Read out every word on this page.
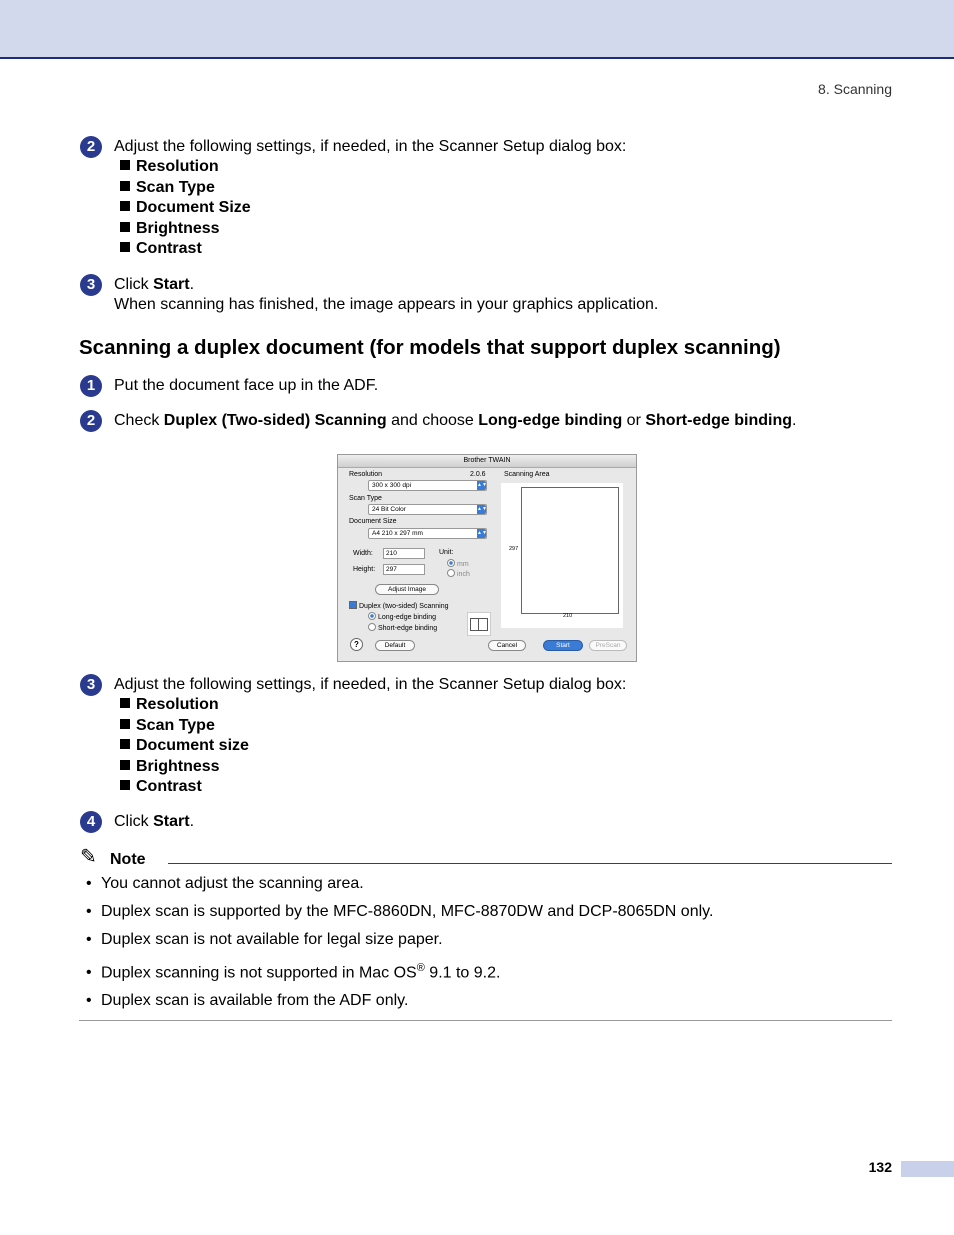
8. Scanning
2	Adjust the following settings, if needed, in the Scanner Setup dialog box:
Resolution
Scan Type
Document Size
Brightness
Contrast
3	Click Start.
When scanning has finished, the image appears in your graphics application.
Scanning a duplex document (for models that support duplex scanning)
1	Put the document face up in the ADF.
2	Check Duplex (Two-sided) Scanning and choose Long-edge binding or Short-edge binding.
Brother TWAIN
Resolution	2.0.6
300 x 300 dpi	▲▼
Scan Type
24 Bit Color	▲▼
Document Size
A4 210 x 297 mm	▲▼
Width:	210
Height:	297
Unit:
mm
inch
Adjust Image
Duplex (two-sided) Scanning
Long-edge binding
Short-edge binding
Scanning Area
297
210
?	Default	Cancel	Start	PreScan
3	Adjust the following settings, if needed, in the Scanner Setup dialog box:
Resolution
Scan Type
Document size
Brightness
Contrast
4	Click Start.
✎ Note
• You cannot adjust the scanning area.
• Duplex scan is supported by the MFC-8860DN, MFC-8870DW and DCP-8065DN only.
• Duplex scan is not available for legal size paper.
• Duplex scanning is not supported in Mac OS® 9.1 to 9.2.
• Duplex scan is available from the ADF only.
132
